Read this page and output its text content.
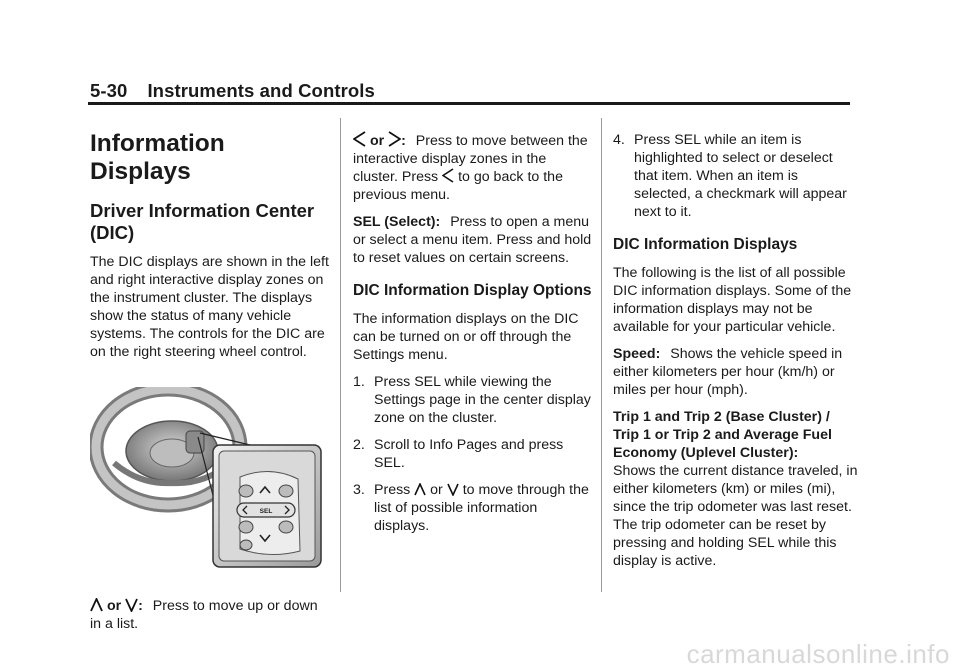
5-30 Instruments and Controls
Information Displays
Driver Information Center (DIC)

The DIC displays are shown in the left and right interactive display zones on the instrument cluster. The displays show the status of many vehicle systems. The controls for the DIC are on the right steering wheel control.

SEL

or : Press to move up or down in a list.

or : Press to move between the interactive display zones in the cluster. Press to go back to the previous menu.

SEL (Select): Press to open a menu or select a menu item. Press and hold to reset values on certain screens.

DIC Information Display Options

The information displays on the DIC can be turned on or off through the Settings menu.

1. Press SEL while viewing the Settings page in the center display zone on the cluster.
2. Scroll to Info Pages and press SEL.
3. Press or to move through the list of possible information displays.
4. Press SEL while an item is highlighted to select or deselect that item. When an item is selected, a checkmark will appear next to it.
DIC Information Displays

The following is the list of all possible DIC information displays. Some of the information displays may not be available for your particular vehicle.

Speed: Shows the vehicle speed in either kilometers per hour (km/h) or miles per hour (mph).

Trip 1 and Trip 2 (Base Cluster) / Trip 1 or Trip 2 and Average Fuel Economy (Uplevel Cluster):
Shows the current distance traveled, in either kilometers (km) or miles (mi), since the trip odometer was last reset. The trip odometer can be reset by pressing and holding SEL while this display is active.

carmanualsonline.info
